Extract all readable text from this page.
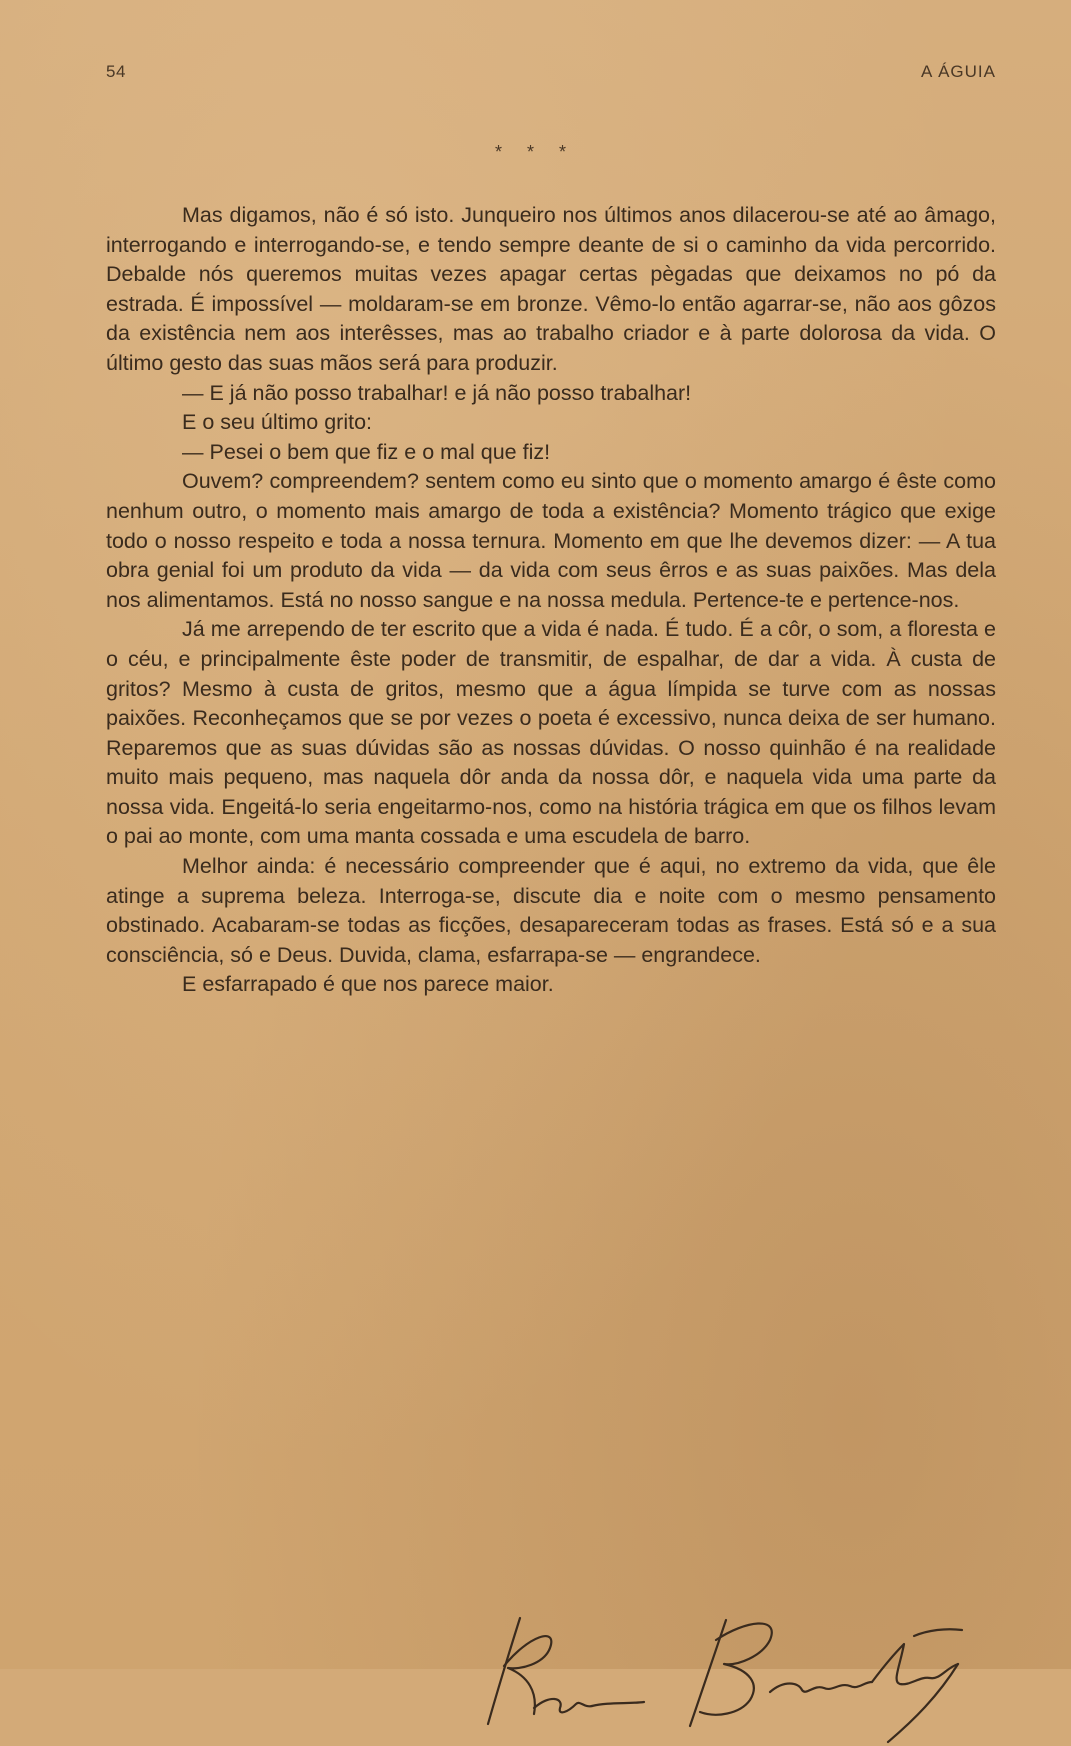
54	A ÁGUIA
* * *

Mas digamos, não é só isto. Junqueiro nos últimos anos dilacerou-se até ao âmago, interrogando e interrogando-se, e tendo sempre deante de si o caminho da vida percorrido. Debalde nós queremos muitas vezes apagar certas pègadas que deixamos no pó da estrada. É impossível — moldaram-se em bronze. Vêmo-lo então agarrar-se, não aos gôzos da existência nem aos interêsses, mas ao trabalho criador e à parte dolorosa da vida. O último gesto das suas mãos será para produzir.

— E já não posso trabalhar! e já não posso trabalhar!

E o seu último grito:

— Pesei o bem que fiz e o mal que fiz!

Ouvem? compreendem? sentem como eu sinto que o momento amargo é êste como nenhum outro, o momento mais amargo de toda a existência? Momento trágico que exige todo o nosso respeito e toda a nossa ternura. Momento em que lhe devemos dizer: — A tua obra genial foi um produto da vida — da vida com seus êrros e as suas paixões. Mas dela nos alimentamos. Está no nosso sangue e na nossa medula. Pertence-te e pertence-nos.

Já me arrependo de ter escrito que a vida é nada. É tudo. É a côr, o som, a floresta e o céu, e principalmente êste poder de transmitir, de espalhar, de dar a vida. À custa de gritos? Mesmo à custa de gritos, mesmo que a água límpida se turve com as nossas paixões. Reconheçamos que se por vezes o poeta é excessivo, nunca deixa de ser humano. Reparemos que as suas dúvidas são as nossas dúvidas. O nosso quinhão é na realidade muito mais pequeno, mas naquela dôr anda da nossa dôr, e naquela vida uma parte da nossa vida. Engeitá-lo seria engeitarmo-nos, como na história trágica em que os filhos levam o pai ao monte, com uma manta cossada e uma escudela de barro.

Melhor ainda: é necessário compreender que é aqui, no extremo da vida, que êle atinge a suprema beleza. Interroga-se, discute dia e noite com o mesmo pensamento obstinado. Acabaram-se todas as ficções, desapareceram todas as frases. Está só e a sua consciência, só e Deus. Duvida, clama, esfarrapa-se — engrandece.

E esfarrapado é que nos parece maior.
